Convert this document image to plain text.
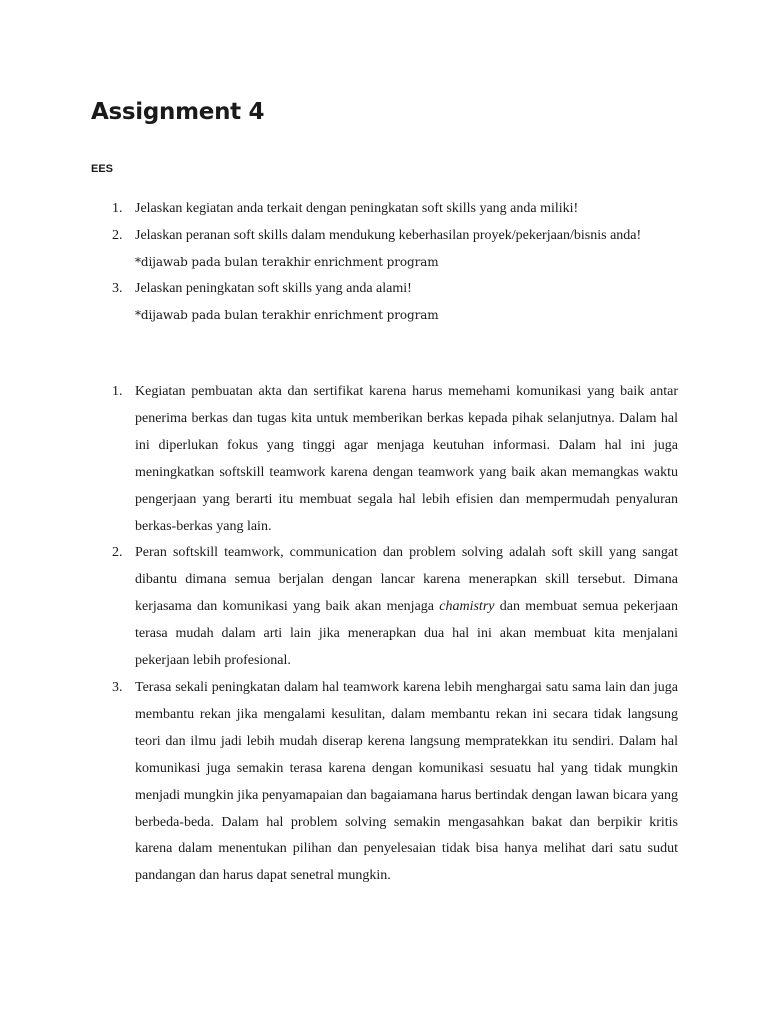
Assignment 4

EES

1. Jelaskan kegiatan anda terkait dengan peningkatan soft skills yang anda miliki!
2. Jelaskan peranan soft skills dalam mendukung keberhasilan proyek/pekerjaan/bisnis anda!
*dijawab pada bulan terakhir enrichment program
3. Jelaskan peningkatan soft skills yang anda alami!
*dijawab pada bulan terakhir enrichment program
1. Kegiatan pembuatan akta dan sertifikat karena harus memehami komunikasi yang baik antar penerima berkas dan tugas kita untuk memberikan berkas kepada pihak selanjutnya. Dalam hal ini diperlukan fokus yang tinggi agar menjaga keutuhan informasi. Dalam hal ini juga meningkatkan softskill teamwork karena dengan teamwork yang baik akan memangkas waktu pengerjaan yang berarti itu membuat segala hal lebih efisien dan mempermudah penyaluran berkas-berkas yang lain.
2. Peran softskill teamwork, communication dan problem solving adalah soft skill yang sangat dibantu dimana semua berjalan dengan lancar karena menerapkan skill tersebut. Dimana kerjasama dan komunikasi yang baik akan menjaga chamistry dan membuat semua pekerjaan terasa mudah dalam arti lain jika menerapkan dua hal ini akan membuat kita menjalani pekerjaan lebih profesional.
3. Terasa sekali peningkatan dalam hal teamwork karena lebih menghargai satu sama lain dan juga membantu rekan jika mengalami kesulitan, dalam membantu rekan ini secara tidak langsung teori dan ilmu jadi lebih mudah diserap kerena langsung mempratekkan itu sendiri. Dalam hal komunikasi juga semakin terasa karena dengan komunikasi sesuatu hal yang tidak mungkin menjadi mungkin jika penyamapaian dan bagaiamana harus bertindak dengan lawan bicara yang berbeda-beda. Dalam hal problem solving semakin mengasahkan bakat dan berpikir kritis karena dalam menentukan pilihan dan penyelesaian tidak bisa hanya melihat dari satu sudut pandangan dan harus dapat senetral mungkin.
